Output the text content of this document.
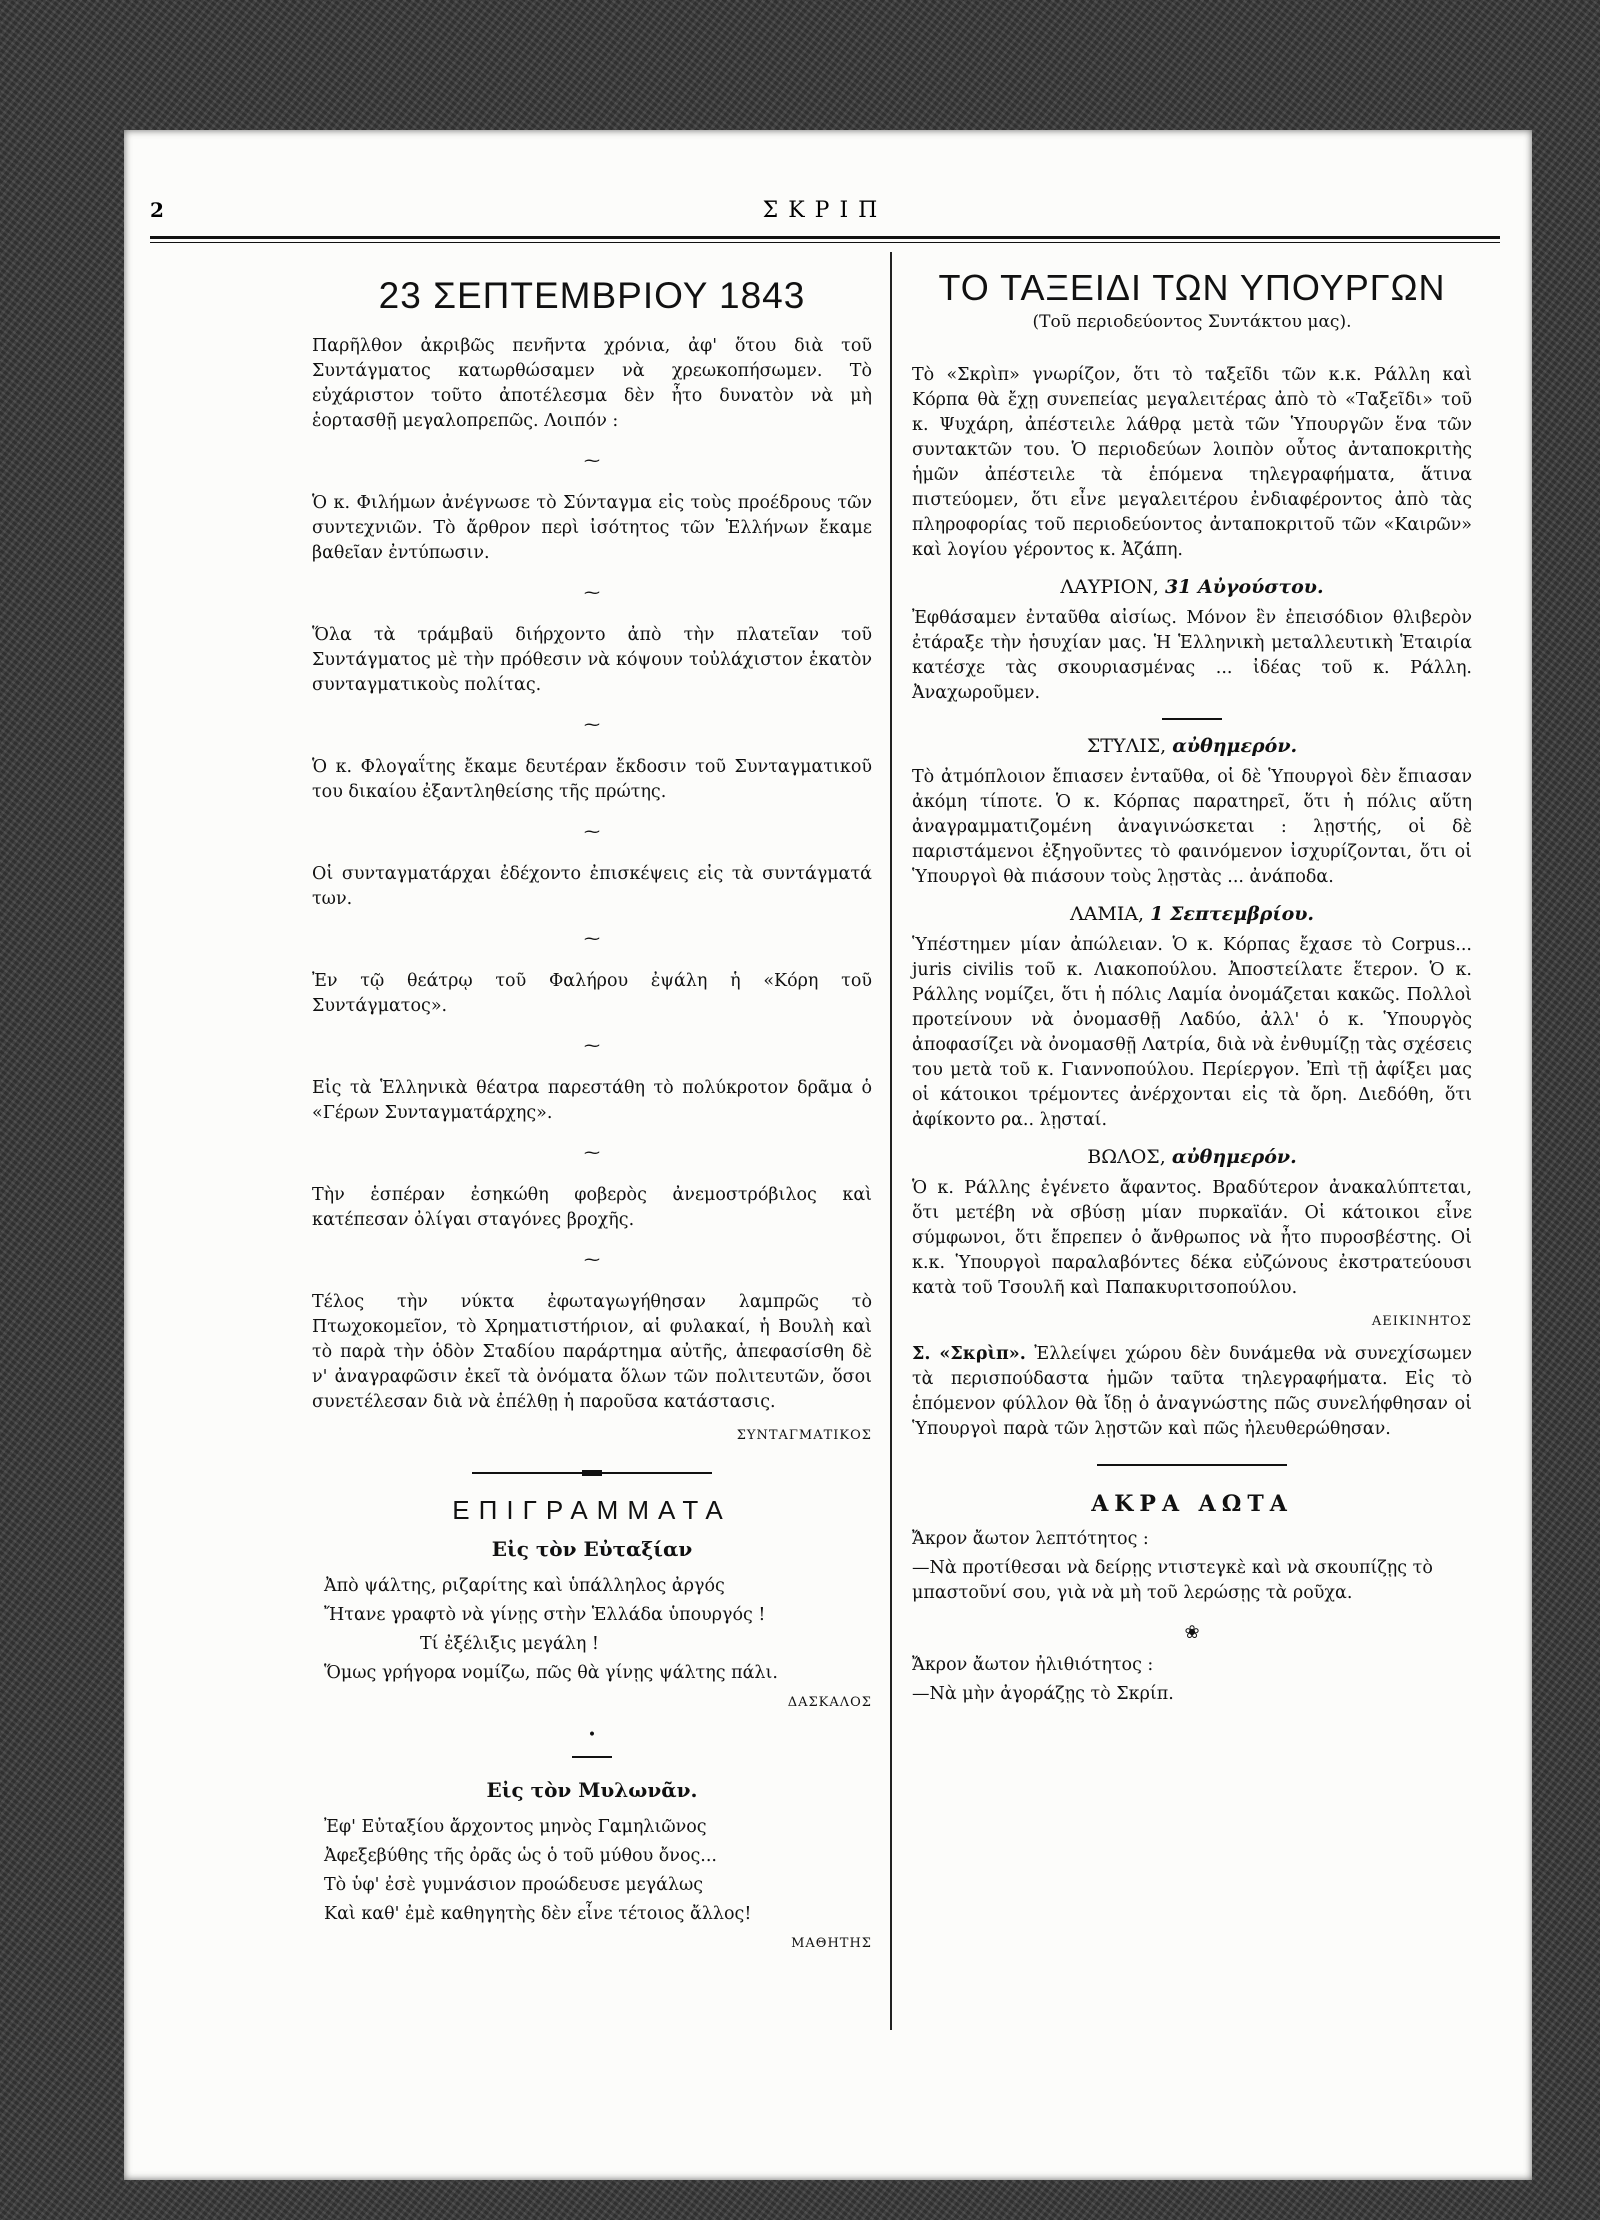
2	ΣΚΡΙΠ
23 ΣΕΠΤΕΜΒΡΙΟΥ 1843

Παρῆλθον ἀκριβῶς πενῆντα χρόνια, ἀφ' ὅτου διὰ τοῦ Συντάγματος κατωρθώσαμεν νὰ χρεωκοπήσωμεν. Τὸ εὐχάριστον τοῦτο ἀποτέλεσμα δὲν ἦτο δυνατὸν νὰ μὴ ἑορτασθῇ μεγαλοπρεπῶς. Λοιπόν :

⁓

Ὁ κ. Φιλήμων ἀνέγνωσε τὸ Σύνταγμα εἰς τοὺς προέδρους τῶν συντεχνιῶν. Τὸ ἄρθρον περὶ ἰσότητος τῶν Ἑλλήνων ἔκαμε βαθεῖαν ἐντύπωσιν.

⁓

Ὅλα τὰ τράμβαϋ διήρχοντο ἀπὸ τὴν πλατεῖαν τοῦ Συντάγματος μὲ τὴν πρόθεσιν νὰ κόψουν τοὐλάχιστον ἑκατὸν συνταγματικοὺς πολίτας.

⁓

Ὁ κ. Φλογαΐτης ἔκαμε δευτέραν ἔκδοσιν τοῦ Συνταγματικοῦ του δικαίου ἐξαντληθείσης τῆς πρώτης.

⁓

Οἱ συνταγματάρχαι ἐδέχοντο ἐπισκέψεις εἰς τὰ συντάγματά των.

⁓

Ἐν τῷ θεάτρῳ τοῦ Φαλήρου ἐψάλη ἡ «Κόρη τοῦ Συντάγματος».

⁓

Εἰς τὰ Ἑλληνικὰ θέατρα παρεστάθη τὸ πολύκροτον δρᾶμα ὁ «Γέρων Συνταγματάρχης».

⁓

Τὴν ἑσπέραν ἐσηκώθη φοβερὸς ἀνεμοστρόβιλος καὶ κατέπεσαν ὀλίγαι σταγόνες βροχῆς.

⁓

Τέλος τὴν νύκτα ἐφωταγωγήθησαν λαμπρῶς τὸ Πτωχοκομεῖον, τὸ Χρηματιστήριον, αἱ φυλακαί, ἡ Βουλὴ καὶ τὸ παρὰ τὴν ὁδὸν Σταδίου παράρτημα αὐτῆς, ἀπεφασίσθη δὲ ν' ἀναγραφῶσιν ἐκεῖ τὰ ὀνόματα ὅλων τῶν πολιτευτῶν, ὅσοι συνετέλεσαν διὰ νὰ ἐπέλθῃ ἡ παροῦσα κατάστασις.

ΣΥΝΤΑΓΜΑΤΙΚΟΣ
ΕΠΙΓΡΑΜΜΑΤΑ
Εἰς τὸν Εὐταξίαν
Ἀπὸ ψάλτης, ριζαρίτης καὶ ὑπάλληλος ἀργός
Ἤτανε γραφτὸ νὰ γίνῃς στὴν Ἑλλάδα ὑπουργός !
Τί ἐξέλιξις μεγάλη !
Ὅμως γρήγορα νομίζω, πῶς θὰ γίνῃς ψάλτης πάλι.
ΔΑΣΚΑΛΟΣ
•
Εἰς τὸν Μυλωνᾶν.
Ἐφ' Εὐταξίου ἄρχοντος μηνὸς Γαμηλιῶνος
Ἀφεξεβύθης τῆς ὀρᾶς ὡς ὁ τοῦ μύθου ὄνος...
Τὸ ὑφ' ἐσὲ γυμνάσιον προώδευσε μεγάλως
Καὶ καθ' ἐμὲ καθηγητὴς δὲν εἶνε τέτοιος ἄλλος!
ΜΑΘΗΤΗΣ
ΤΟ ΤΑΞΕΙΔΙ ΤΩΝ ΥΠΟΥΡΓΩΝ
(Τοῦ περιοδεύοντος Συντάκτου μας).

Τὸ «Σκρὶπ» γνωρίζον, ὅτι τὸ ταξεῖδι τῶν κ.κ. Ράλλη καὶ Κόρπα θὰ ἔχῃ συνεπείας μεγαλειτέρας ἀπὸ τὸ «Ταξεῖδι» τοῦ κ. Ψυχάρη, ἀπέστειλε λάθρᾳ μετὰ τῶν Ὑπουργῶν ἕνα τῶν συντακτῶν του. Ὁ περιοδεύων λοιπὸν οὗτος ἀνταποκριτὴς ἡμῶν ἀπέστειλε τὰ ἑπόμενα τηλεγραφήματα, ἅτινα πιστεύομεν, ὅτι εἶνε μεγαλειτέρου ἐνδιαφέροντος ἀπὸ τὰς πληροφορίας τοῦ περιοδεύοντος ἀνταποκριτοῦ τῶν «Καιρῶν» καὶ λογίου γέροντος κ. Ἀζάπη.

ΛΑΥΡΙΟΝ, 31 Αὐγούστου.

Ἐφθάσαμεν ἐνταῦθα αἰσίως. Μόνον ἓν ἐπεισόδιον θλιβερὸν ἐτάραξε τὴν ἡσυχίαν μας. Ἡ Ἑλληνικὴ μεταλλευτικὴ Ἑταιρία κατέσχε τὰς σκουριασμένας ... ἰδέας τοῦ κ. Ράλλη. Ἀναχωροῦμεν.

ΣΤΥΛΙΣ, αὐθημερόν.

Τὸ ἀτμόπλοιον ἔπιασεν ἐνταῦθα, οἱ δὲ Ὑπουργοὶ δὲν ἔπιασαν ἀκόμη τίποτε. Ὁ κ. Κόρπας παρατηρεῖ, ὅτι ἡ πόλις αὕτη ἀναγραμματιζομένη ἀναγινώσκεται : λῃστής, οἱ δὲ παριστάμενοι ἐξηγοῦντες τὸ φαινόμενον ἰσχυρίζονται, ὅτι οἱ Ὑπουργοὶ θὰ πιάσουν τοὺς λῃστὰς ... ἀνάποδα.

ΛΑΜΙΑ, 1 Σεπτεμβρίου.

Ὑπέστημεν μίαν ἀπώλειαν. Ὁ κ. Κόρπας ἔχασε τὸ Corpus... juris civilis τοῦ κ. Λιακοπούλου. Ἀποστείλατε ἕτερον. Ὁ κ. Ράλλης νομίζει, ὅτι ἡ πόλις Λαμία ὀνομάζεται κακῶς. Πολλοὶ προτείνουν νὰ ὀνομασθῇ Λαδύο, ἀλλ' ὁ κ. Ὑπουργὸς ἀποφασίζει νὰ ὀνομασθῇ Λατρία, διὰ νὰ ἐνθυμίζῃ τὰς σχέσεις του μετὰ τοῦ κ. Γιαννοπούλου. Περίεργον. Ἐπὶ τῇ ἀφίξει μας οἱ κάτοικοι τρέμοντες ἀνέρχονται εἰς τὰ ὄρη. Διεδόθη, ὅτι ἀφίκοντο ρα.. λῃσταί.

ΒΩΛΟΣ, αὐθημερόν.

Ὁ κ. Ράλλης ἐγένετο ἄφαντος. Βραδύτερον ἀνακαλύπτεται, ὅτι μετέβη νὰ σβύσῃ μίαν πυρκαϊάν. Οἱ κάτοικοι εἶνε σύμφωνοι, ὅτι ἔπρεπεν ὁ ἄνθρωπος νὰ ἦτο πυροσβέστης. Οἱ κ.κ. Ὑπουργοὶ παραλαβόντες δέκα εὐζώνους ἐκστρατεύουσι κατὰ τοῦ Τσουλῆ καὶ Παπακυριτσοπούλου.

ΑΕΙΚΙΝΗΤΟΣ

Σ. «Σκρὶπ». Ἐλλείψει χώρου δὲν δυνάμεθα νὰ συνεχίσωμεν τὰ περισπούδαστα ἡμῶν ταῦτα τηλεγραφήματα. Εἰς τὸ ἑπόμενον φύλλον θὰ ἴδῃ ὁ ἀναγνώστης πῶς συνελήφθησαν οἱ Ὑπουργοὶ παρὰ τῶν λῃστῶν καὶ πῶς ἠλευθερώθησαν.

ΑΚΡΑ ΑΩΤΑ
Ἄκρον ἄωτον λεπτότητος :
—Νὰ προτίθεσαι νὰ δείρῃς ντιστεγκὲ καὶ νὰ σκουπίζῃς τὸ μπαστοῦνί σου, γιὰ νὰ μὴ τοῦ λερώσῃς τὰ ροῦχα.
❀
Ἄκρον ἄωτον ἠλιθιότητος :
—Νὰ μὴν ἀγοράζῃς τὸ Σκρίπ.
